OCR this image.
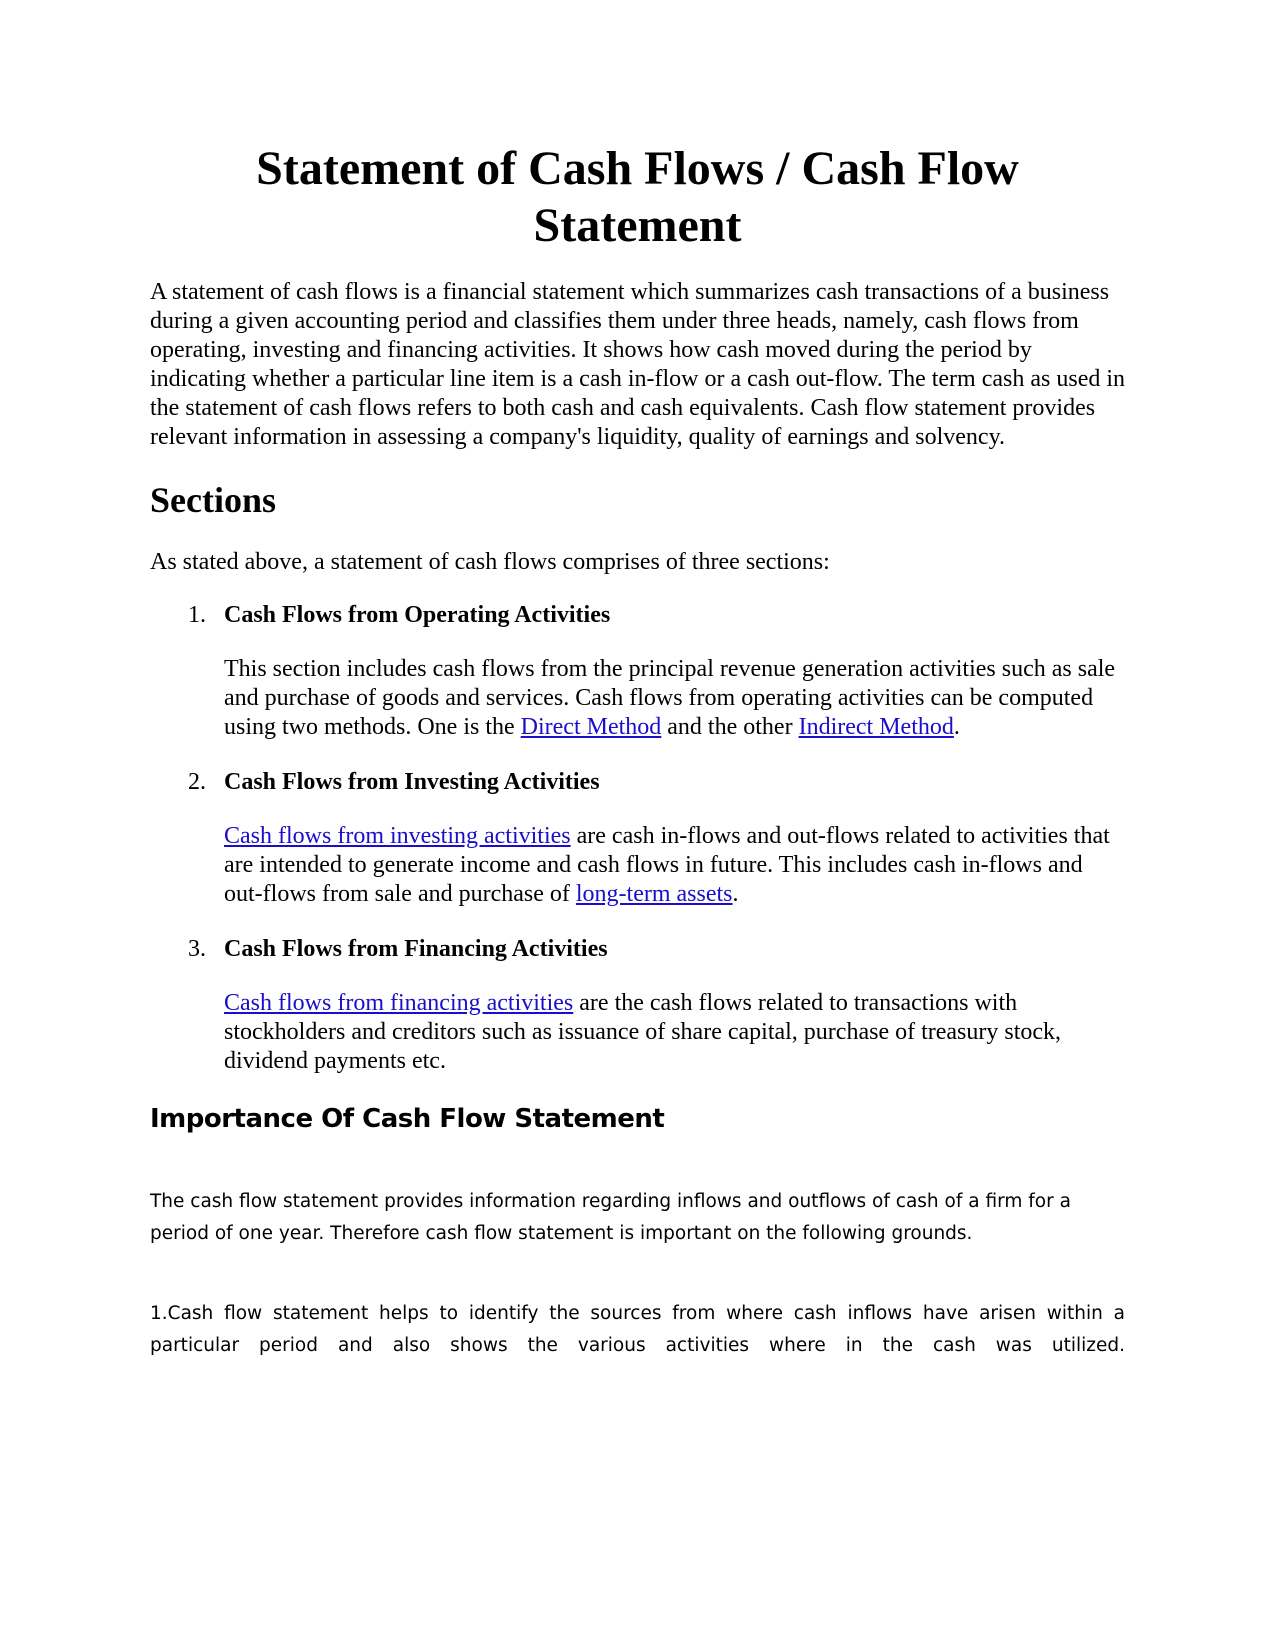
Statement of Cash Flows / Cash Flow Statement

A statement of cash flows is a financial statement which summarizes cash transactions of a business during a given accounting period and classifies them under three heads, namely, cash flows from operating, investing and financing activities. It shows how cash moved during the period by indicating whether a particular line item is a cash in-flow or a cash out-flow. The term cash as used in the statement of cash flows refers to both cash and cash equivalents. Cash flow statement provides relevant information in assessing a company's liquidity, quality of earnings and solvency.

Sections

As stated above, a statement of cash flows comprises of three sections:

1. Cash Flows from Operating Activities

This section includes cash flows from the principal revenue generation activities such as sale and purchase of goods and services. Cash flows from operating activities can be computed using two methods. One is the Direct Method and the other Indirect Method.

2. Cash Flows from Investing Activities

Cash flows from investing activities are cash in-flows and out-flows related to activities that are intended to generate income and cash flows in future. This includes cash in-flows and out-flows from sale and purchase of long-term assets.

3. Cash Flows from Financing Activities

Cash flows from financing activities are the cash flows related to transactions with stockholders and creditors such as issuance of share capital, purchase of treasury stock, dividend payments etc.

Importance Of Cash Flow Statement

The cash flow statement provides information regarding inflows and outflows of cash of a firm for a period of one year. Therefore cash flow statement is important on the following grounds.

1.Cash flow statement helps to identify the sources from where cash inflows have arisen within a particular period and also shows the various activities where in the cash was utilized.
